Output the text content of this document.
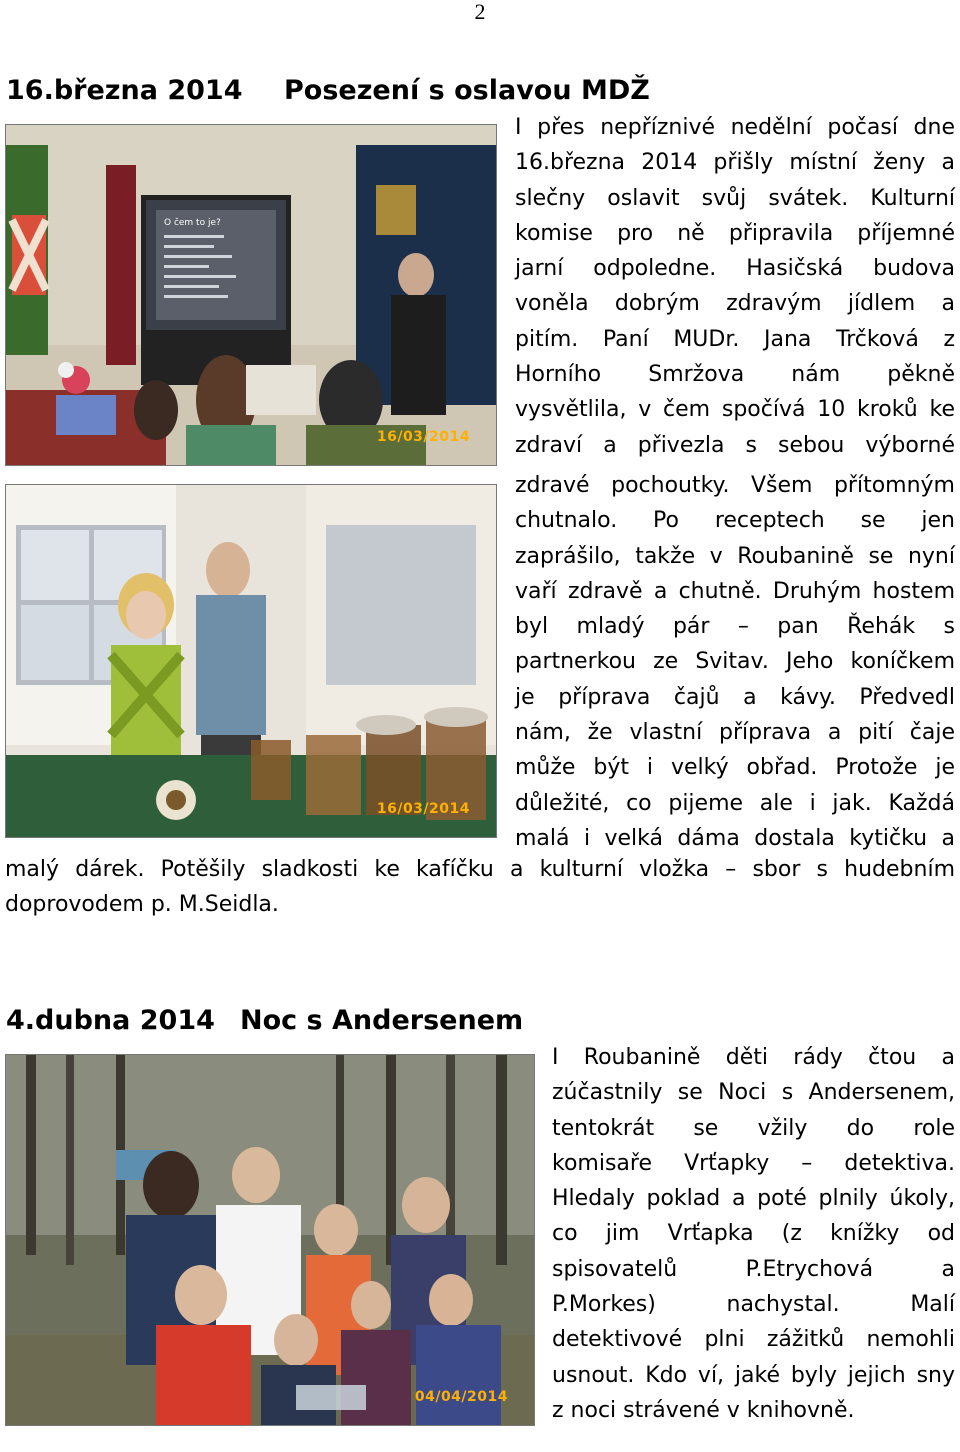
2
16.března 2014 Posezení s oslavou MDŽ
O čem to je?
16/03/2014
16/03/2014
I přes nepříznivé nedělní počasí dne
16.března 2014 přišly místní ženy a
slečny oslavit svůj svátek. Kulturní
komise pro ně připravila příjemné
jarní odpoledne. Hasičská budova
voněla dobrým zdravým jídlem a
pitím. Paní MUDr. Jana Trčková z
Horního Smržova nám pěkně
vysvětlila, v čem spočívá 10 kroků ke
zdraví a přivezla s sebou výborné
zdravé pochoutky. Všem přítomným
chutnalo. Po receptech se jen
zaprášilo, takže v Roubanině se nyní
vaří zdravě a chutně. Druhým hostem
byl mladý pár – pan Řehák s
partnerkou ze Svitav. Jeho koníčkem
je příprava čajů a kávy. Předvedl
nám, že vlastní příprava a pití čaje
může být i velký obřad. Protože je
důležité, co pijeme ale i jak. Každá
malá i velká dáma dostala kytičku a
malý dárek. Potěšily sladkosti ke kafíčku a kulturní vložka – sbor s hudebním
doprovodem p. M.Seidla.
4.dubna 2014 Noc s Andersenem
04/04/2014
I Roubanině děti rády čtou a
zúčastnily se Noci s Andersenem,
tentokrát se vžily do role
komisaře Vrťapky – detektiva.
Hledaly poklad a poté plnily úkoly,
co jim Vrťapka (z knížky od
spisovatelů P.Etrychová a
P.Morkes) nachystal. Malí
detektivové plni zážitků nemohli
usnout. Kdo ví, jaké byly jejich sny
z noci strávené v knihovně.
